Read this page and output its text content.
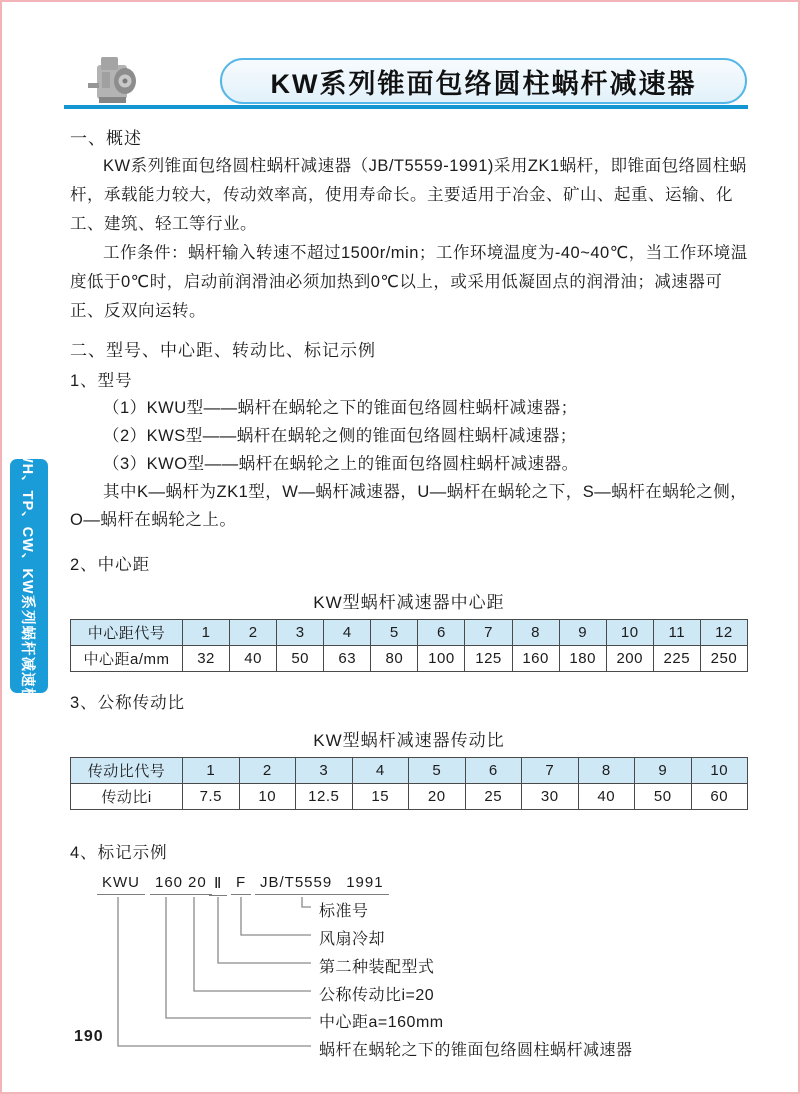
KW系列锥面包络圆柱蜗杆减速器
WH、TP、CW、KW系列蜗杆减速机
一、概述

KW系列锥面包络圆柱蜗杆减速器（JB/T5559-1991)采用ZK1蜗杆，即锥面包络圆柱蜗杆，承载能力较大，传动效率高，使用寿命长。主要适用于冶金、矿山、起重、运输、化工、建筑、轻工等行业。

工作条件：蜗杆输入转速不超过1500r/min；工作环境温度为-40~40℃，当工作环境温度低于0℃时，启动前润滑油必须加热到0℃以上，或采用低凝固点的润滑油；减速器可正、反双向运转。

二、型号、中心距、转动比、标记示例
1、型号
（1）KWU型——蜗杆在蜗轮之下的锥面包络圆柱蜗杆减速器；
（2）KWS型——蜗杆在蜗轮之侧的锥面包络圆柱蜗杆减速器；
（3）KWO型——蜗杆在蜗轮之上的锥面包络圆柱蜗杆减速器。

其中K—蜗杆为ZK1型，W—蜗杆减速器，U—蜗杆在蜗轮之下，S—蜗杆在蜗轮之侧，O—蜗杆在蜗轮之上。

2、中心距
KW型蜗杆减速器中心距
中心距代号	1	2	3	4	5	6	7	8	9	10	11	12
中心距a/mm	32	40	50	63	80	100	125	160	180	200	225	250
3、公称传动比
KW型蜗杆减速器传动比
传动比代号	1	2	3	4	5	6	7	8	9	10
传动比i	7.5	10	12.5	15	20	25	30	40	50	60
4、标记示例
KWU	160 20 Ⅱ F JB/T5559 1991
标准号
风扇冷却
第二种装配型式
公称传动比i=20
中心距a=160mm
蜗杆在蜗轮之下的锥面包络圆柱蜗杆减速器
190
